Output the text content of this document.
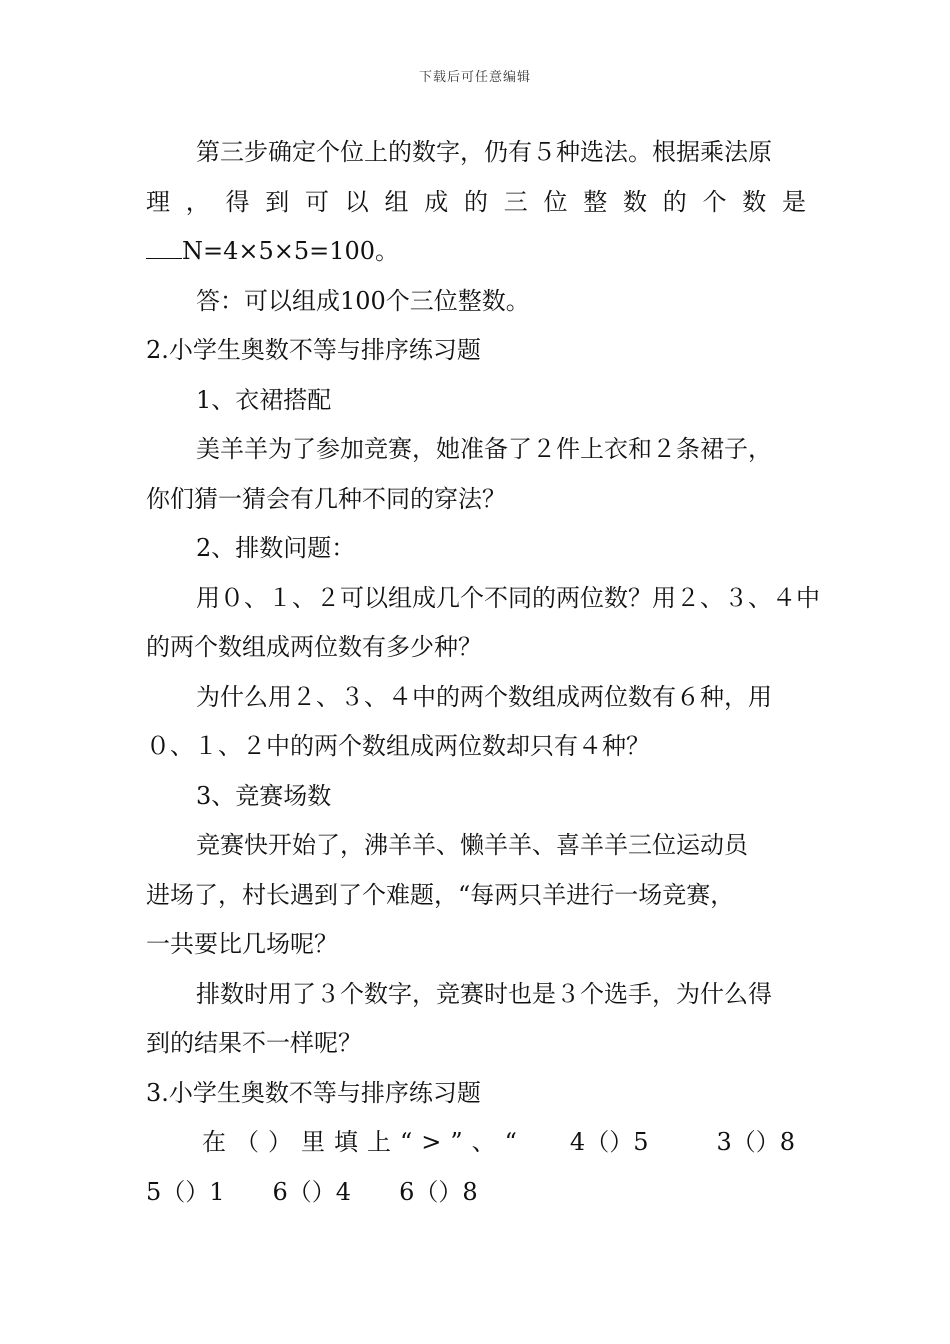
下载后可任意编辑
第三步确定个位上的数字，仍有５种选法。根据乘法原
理 ， 得 到 可 以 组 成 的 三 位 整 数 的 个 数 是
N=4×5×5=100。
答：可以组成100个三位整数。
2.小学生奥数不等与排序练习题
1、衣裙搭配
美羊羊为了参加竞赛，她准备了２件上衣和２条裙子，
你们猜一猜会有几种不同的穿法？
2、排数问题：
用０、１、２可以组成几个不同的两位数？用２、３、４中
的两个数组成两位数有多少种？
为什么用２、３、４中的两个数组成两位数有６种，用
０、１、２中的两个数组成两位数却只有４种？
3、竞赛场数
竞赛快开始了，沸羊羊、懒羊羊、喜羊羊三位运动员
进场了，村长遇到了个难题，“每两只羊进行一场竞赛，
一共要比几场呢？
排数时用了３个数字，竞赛时也是３个选手，为什么得
到的结果不一样呢？
3.小学生奥数不等与排序练习题
在（）里填上“>”、“ 4（）5	3（）8
5（）1　　6（）4　　6（）8
